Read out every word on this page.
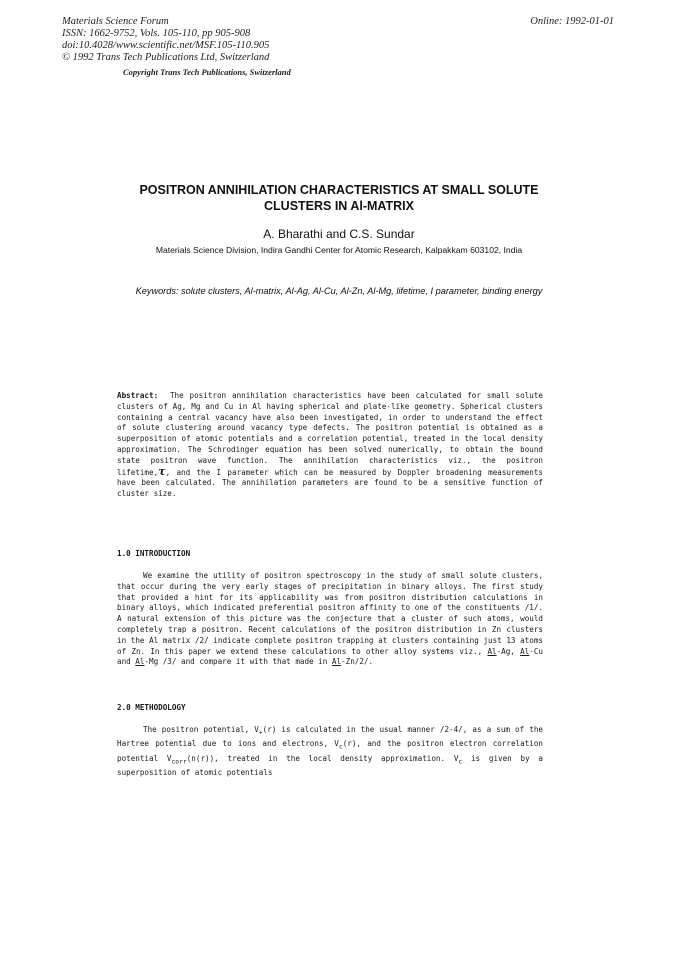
Materials Science Forum
ISSN: 1662-9752, Vols. 105-110, pp 905-908
doi:10.4028/www.scientific.net/MSF.105-110.905
© 1992 Trans Tech Publications Ltd, Switzerland
Online: 1992-01-01
Copyright Trans Tech Publications, Switzerland
POSITRON ANNIHILATION CHARACTERISTICS AT SMALL SOLUTE
CLUSTERS IN Al-MATRIX
A. Bharathi and C.S. Sundar
Materials Science Division, Indira Gandhi Center for Atomic Research, Kalpakkam 603102, India
Keywords: solute clusters, Al-matrix, Al-Ag, Al-Cu, Al-Zn, Al-Mg, lifetime, I parameter, binding energy

Abstract: The positron annihilation characteristics have been calculated for small solute clusters of Ag, Mg and Cu in Al having spherical and plate-like geometry. Spherical clusters containing a central vacancy have also been investigated, in order to understand the effect of solute clustering around vacancy type defects. The positron potential is obtained as a superposition of atomic potentials and a correlation potential, treated in the local density approximation. The Schrodinger equation has been solved numerically, to obtain the bound state positron wave function. The annihilation characteristics viz., the positron lifetime,τ, and the I parameter which can be measured by Doppler broadening measurements have been calculated. The annihilation parameters are found to be a sensitive function of cluster size.

1.0 INTRODUCTION

We examine the utility of positron spectroscopy in the study of small solute clusters, that occur during the very early stages of precipitation in binary alloys. The first study that provided a hint for its applicability was from positron distribution calculations in binary alloys, which indicated preferential positron affinity to one of the constituents /1/. A natural extension of this picture was the conjecture that a cluster of such atoms, would completely trap a positron. Recent calculations of the positron distribution in Zn clusters in the Al matrix /2/ indicate complete positron trapping at clusters containing just 13 atoms of Zn. In this paper we extend these calculations to other alloy systems viz., Al-Ag, Al-Cu and Al-Mg /3/ and compare it with that made in Al-Zn/2/.

2.0 METHODOLOGY

The positron potential, $V_+(r)$ is calculated in the usual manner /2-4/, as a sum of the Hartree potential due to ions and electrons, $V_c(r)$, and the positron electron correlation potential $V_{corr}(n(r))$, treated in the local density approximation. $V_c$ is given by a superposition of atomic potentials
